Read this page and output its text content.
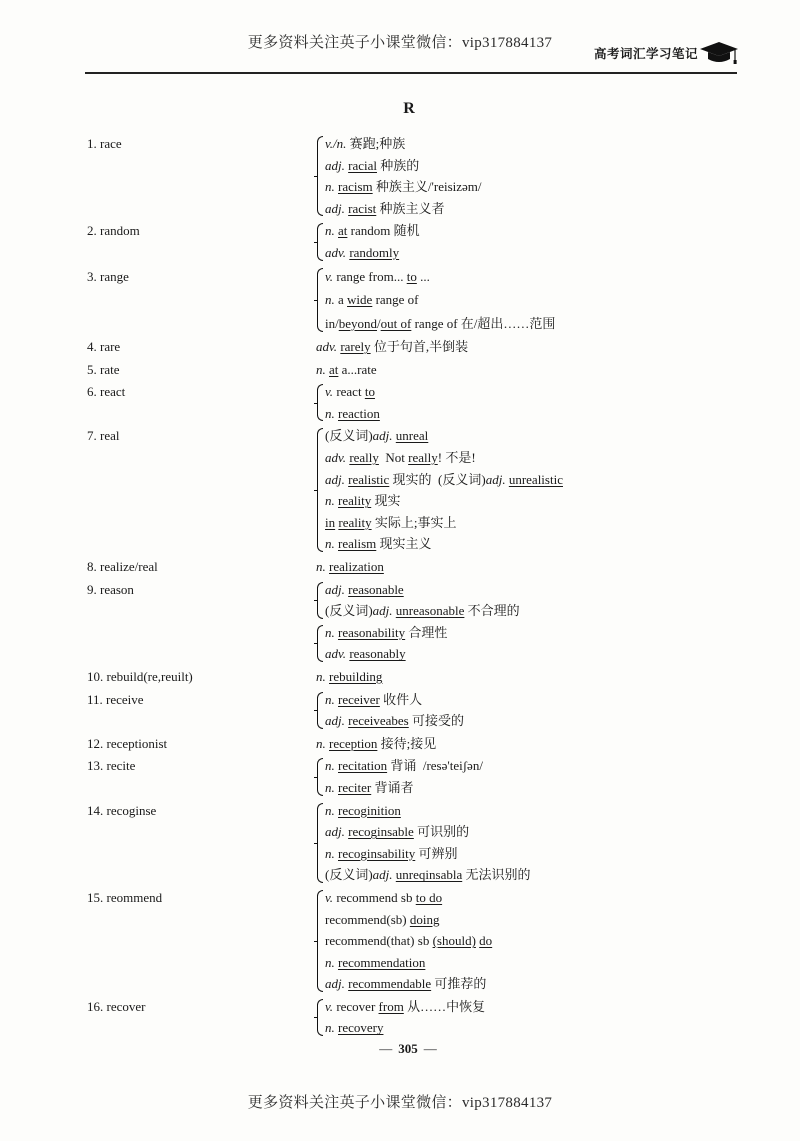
更多资料关注英子小课堂微信：vip317884137
高考词汇学习笔记
R
1. race	v./n. 赛跑;种族
adj. racial 种族的
n. racism 种族主义/'reisizəm/
adj. racist 种族主义者
2. random	n. at random 随机
adv. randomly
3. range	v. range from... to ...
n. a wide range of
in/beyond/out of range of 在/超出……范围
4. rare	adv. rarely 位于句首,半倒装
5. rate	n. at a...rate
6. react	v. react to
n. reaction
7. real	(反义词)adj. unreal
adv. really  Not really! 不是!
adj. realistic 现实的  (反义词)adj. unrealistic
n. reality 现实
in reality 实际上;事实上
n. realism 现实主义
8. realize/real	n. realization
9. reason	adj. reasonable
(反义词)adj. unreasonable 不合理的
n. reasonability 合理性
adv. reasonably
10. rebuild(re,reuilt)	n. rebuilding
11. receive	n. receiver 收件人
adj. receiveabes 可接受的
12. receptionist	n. reception 接待;接见
13. recite	n. recitation 背诵  /resə'teiʃən/
n. reciter 背诵者
14. recoginse	n. recoginition
adj. recoginsable 可识别的
n. recoginsability 可辨别
(反义词)adj. unreqinsabla 无法识别的
15. reommend	v. recommend sb to do
recommend(sb) doing
recommend(that) sb (should) do
n. recommendation
adj. recommendable 可推荐的
16. recover	v. recover from 从……中恢复
n. recovery
— 305 —
更多资料关注英子小课堂微信：vip317884137
